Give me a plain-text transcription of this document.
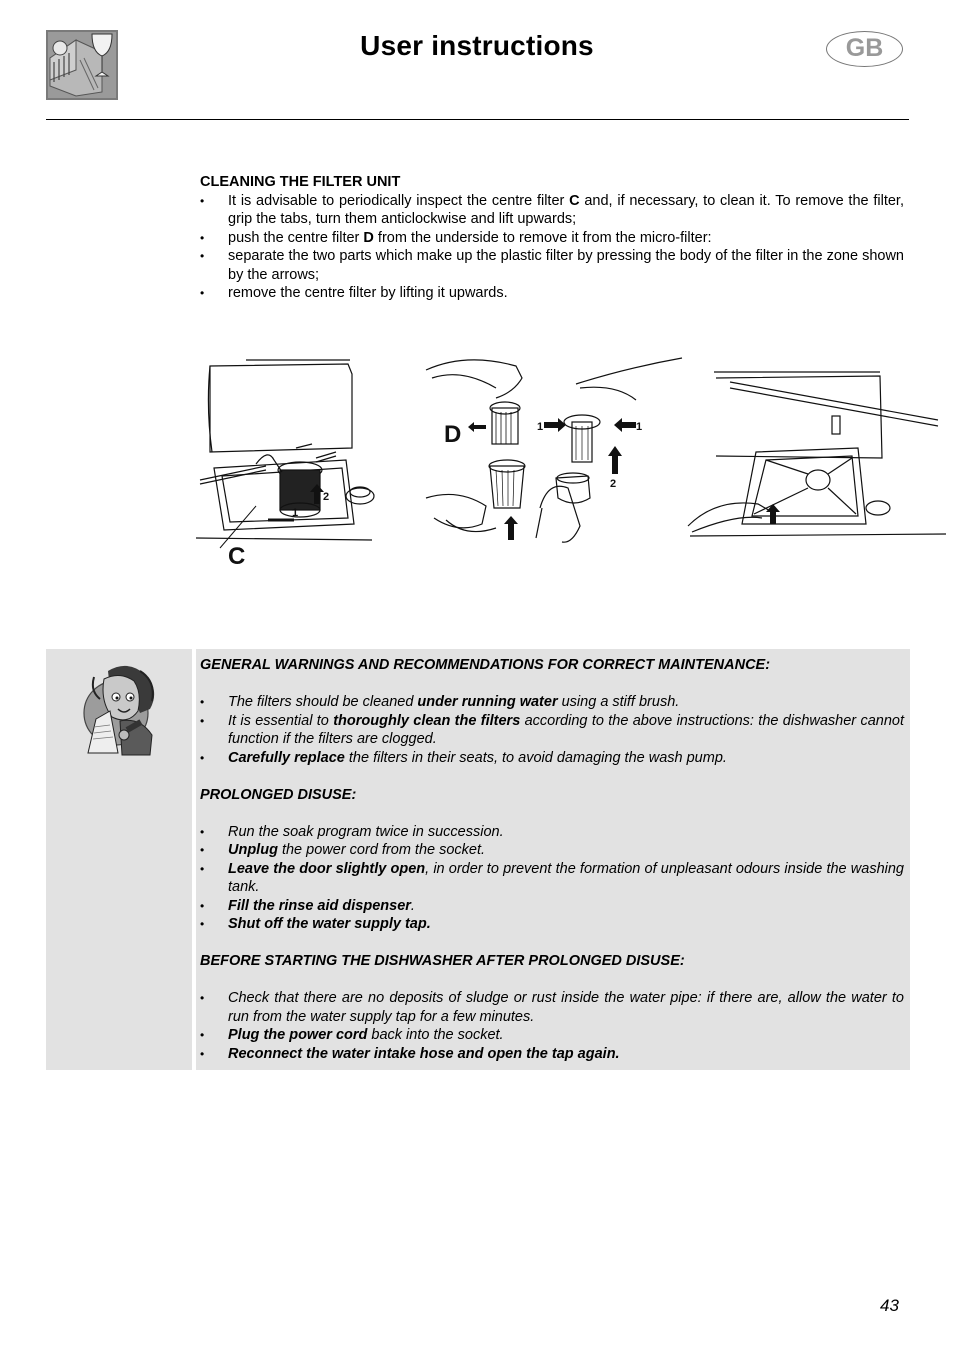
User instructions	GB
CLEANING THE FILTER UNIT
• It is advisable to periodically inspect the centre filter C and, if necessary, to clean it. To remove the filter, grip the tabs, turn them anticlockwise and lift upwards;
• push the centre filter D from the underside to remove it from the micro-filter:
• separate the two parts which make up the plastic filter by pressing the body of the filter in the zone shown by the arrows;
• remove the centre filter by lifting it upwards.
2
1
C
1	1
2
D
GENERAL WARNINGS AND RECOMMENDATIONS FOR CORRECT MAINTENANCE:
• The filters should be cleaned under running water using a stiff brush.
• It is essential to thoroughly clean the filters according to the above instructions: the dishwasher cannot function if the filters are clogged.
• Carefully replace the filters in their seats, to avoid damaging the wash pump.
PROLONGED DISUSE:
• Run the soak program twice in succession.
• Unplug the power cord from the socket.
• Leave the door slightly open, in order to prevent the formation of unpleasant odours inside the washing tank.
• Fill the rinse aid dispenser.
• Shut off the water supply tap.
BEFORE STARTING THE DISHWASHER AFTER PROLONGED DISUSE:
• Check that there are no deposits of sludge or rust inside the water pipe: if there are, allow the water to run from the water supply tap for a few minutes.
• Plug the power cord back into the socket.
• Reconnect the water intake hose and open the tap again.
43
